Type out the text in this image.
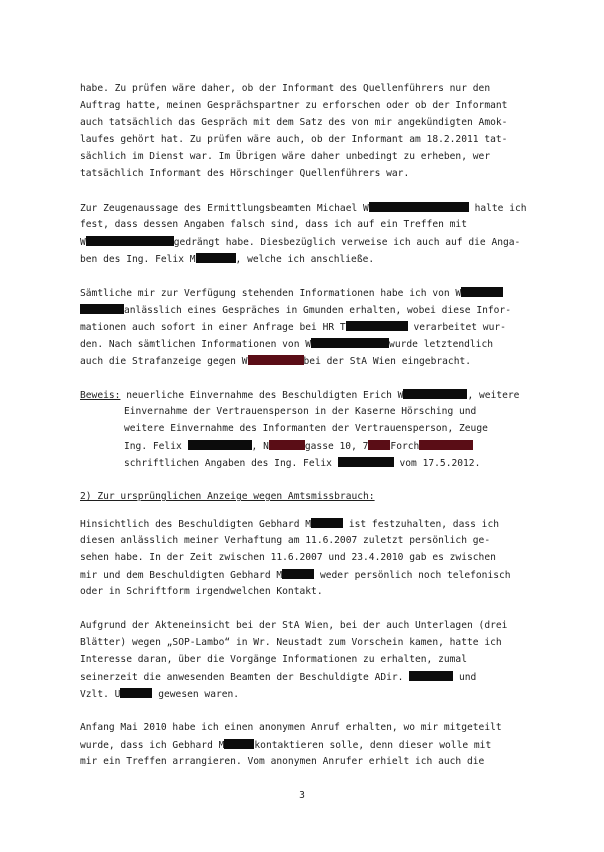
habe. Zu prüfen wäre daher, ob der Informant des Quellenführers nur den
Auftrag hatte, meinen Gesprächspartner zu erforschen oder ob der Informant
auch tatsächlich das Gespräch mit dem Satz des von mir angekündigten Amok-
laufes gehört hat. Zu prüfen wäre auch, ob der Informant am 18.2.2011 tat-
sächlich im Dienst war. Im Übrigen wäre daher unbedingt zu erheben, wer
tatsächlich Informant des Hörschinger Quellenführers war.
Zur Zeugenaussage des Ermittlungsbeamten Michael W	halte ich
fest, dass dessen Angaben falsch sind, dass ich auf ein Treffen mit
W	gedrängt habe. Diesbezüglich verweise ich auch auf die Anga-
ben des Ing. Felix M	, welche ich anschließe.
Sämtliche mir zur Verfügung stehenden Informationen habe ich von W
anlässlich eines Gespräches in Gmunden erhalten, wobei diese Infor-
mationen auch sofort in einer Anfrage bei HR T	verarbeitet wur-
den. Nach sämtlichen Informationen von W	wurde letztendlich
auch die Strafanzeige gegen W	bei der StA Wien eingebracht.
Beweis: neuerliche Einvernahme des Beschuldigten Erich W	, weitere
Einvernahme der Vertrauensperson in der Kaserne Hörsching und
weitere Einvernahme des Informanten der Vertrauensperson, Zeuge
Ing. Felix	, N	gasse 10, 7 Forch
schriftlichen Angaben des Ing. Felix	vom 17.5.2012.
2) Zur ursprünglichen Anzeige wegen Amtsmissbrauch:
Hinsichtlich des Beschuldigten Gebhard M	ist festzuhalten, dass ich
diesen anlässlich meiner Verhaftung am 11.6.2007 zuletzt persönlich ge-
sehen habe. In der Zeit zwischen 11.6.2007 und 23.4.2010 gab es zwischen
mir und dem Beschuldigten Gebhard M	weder persönlich noch telefonisch
oder in Schriftform irgendwelchen Kontakt.
Aufgrund der Akteneinsicht bei der StA Wien, bei der auch Unterlagen (drei
Blätter) wegen „SOP-Lambo“ in Wr. Neustadt zum Vorschein kamen, hatte ich
Interesse daran, über die Vorgänge Informationen zu erhalten, zumal
seinerzeit die anwesenden Beamten der Beschuldigte ADir.	und
Vzlt. U	gewesen waren.
Anfang Mai 2010 habe ich einen anonymen Anruf erhalten, wo mir mitgeteilt
wurde, dass ich Gebhard M	kontaktieren solle, denn dieser wolle mit
mir ein Treffen arrangieren. Vom anonymen Anrufer erhielt ich auch die
3
